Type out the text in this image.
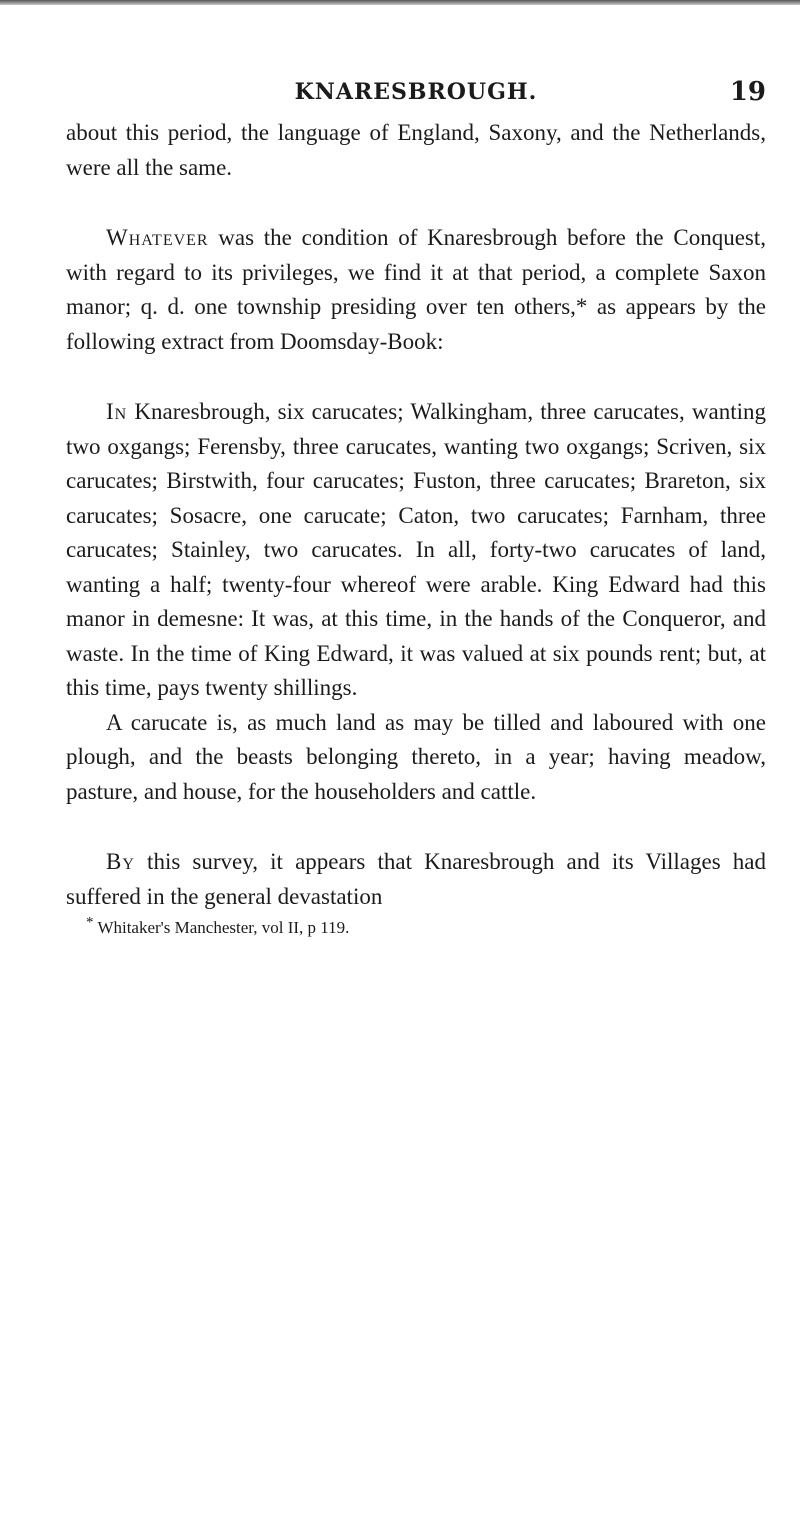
KNARESBROUGH.	19

about this period, the language of England, Saxony, and the Netherlands, were all the same.

Whatever was the condition of Knaresbrough before the Conquest, with regard to its privileges, we find it at that period, a complete Saxon manor; q. d. one township presiding over ten others,* as appears by the following extract from Doomsday-Book:

In Knaresbrough, six carucates; Walkingham, three carucates, wanting two oxgangs; Ferensby, three carucates, wanting two oxgangs; Scriven, six carucates; Birstwith, four carucates; Fuston, three carucates; Brareton, six carucates; Sosacre, one carucate; Caton, two carucates; Farnham, three carucates; Stainley, two carucates. In all, forty-two carucates of land, wanting a half; twenty-four whereof were arable. King Edward had this manor in demesne: It was, at this time, in the hands of the Conqueror, and waste. In the time of King Edward, it was valued at six pounds rent; but, at this time, pays twenty shillings.

A carucate is, as much land as may be tilled and laboured with one plough, and the beasts belonging thereto, in a year; having meadow, pasture, and house, for the householders and cattle.

By this survey, it appears that Knaresbrough and its Villages had suffered in the general devastation

* Whitaker's Manchester, vol II, p 119.
